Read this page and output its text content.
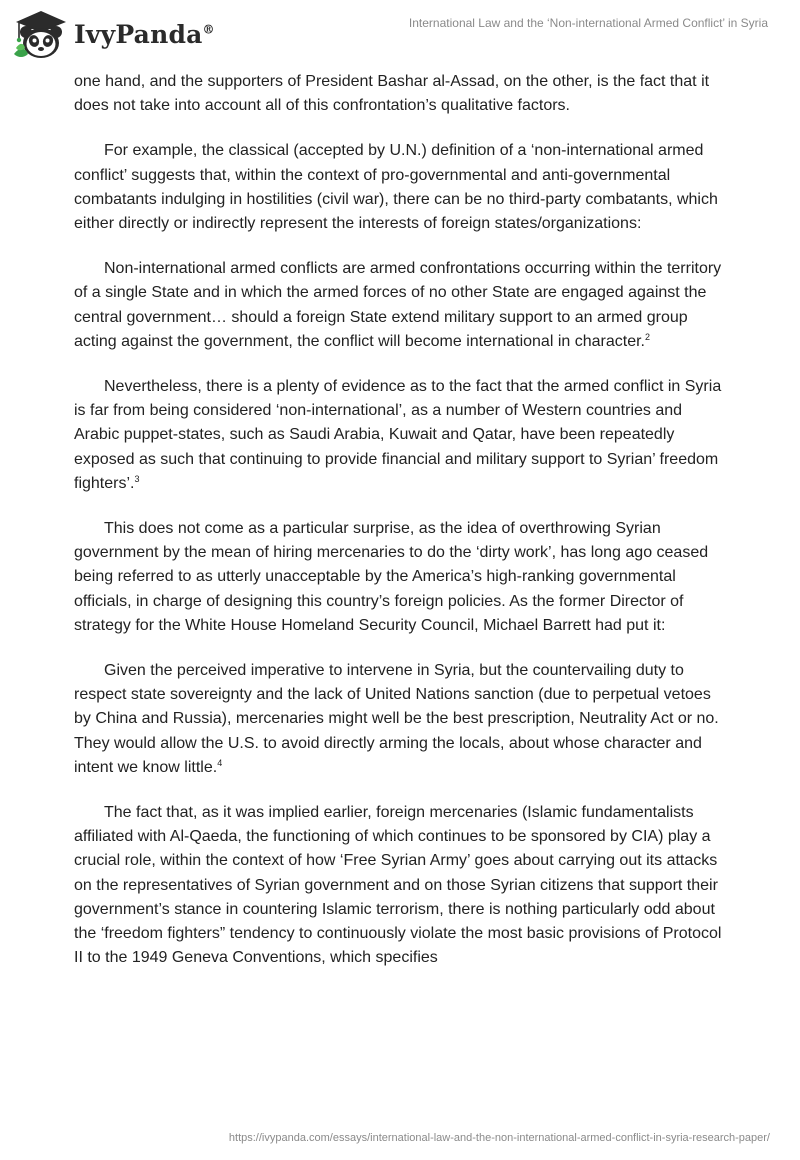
IvyPanda®	International Law and the ‘Non-international Armed Conflict’ in Syria

one hand, and the supporters of President Bashar al-Assad, on the other, is the fact that it does not take into account all of this confrontation’s qualitative factors.

For example, the classical (accepted by U.N.) definition of a ‘non-international armed conflict’ suggests that, within the context of pro-governmental and anti-governmental combatants indulging in hostilities (civil war), there can be no third-party combatants, which either directly or indirectly represent the interests of foreign states/organizations:

Non-international armed conflicts are armed confrontations occurring within the territory of a single State and in which the armed forces of no other State are engaged against the central government… should a foreign State extend military support to an armed group acting against the government, the conflict will become international in character.$^2$

Nevertheless, there is a plenty of evidence as to the fact that the armed conflict in Syria is far from being considered ‘non-international’, as a number of Western countries and Arabic puppet-states, such as Saudi Arabia, Kuwait and Qatar, have been repeatedly exposed as such that continuing to provide financial and military support to Syrian’ freedom fighters’.$^3$

This does not come as a particular surprise, as the idea of overthrowing Syrian government by the mean of hiring mercenaries to do the ‘dirty work’, has long ago ceased being referred to as utterly unacceptable by the America’s high-ranking governmental officials, in charge of designing this country’s foreign policies. As the former Director of strategy for the White House Homeland Security Council, Michael Barrett had put it:

Given the perceived imperative to intervene in Syria, but the countervailing duty to respect state sovereignty and the lack of United Nations sanction (due to perpetual vetoes by China and Russia), mercenaries might well be the best prescription, Neutrality Act or no. They would allow the U.S. to avoid directly arming the locals, about whose character and intent we know little.$^4$

The fact that, as it was implied earlier, foreign mercenaries (Islamic fundamentalists affiliated with Al-Qaeda, the functioning of which continues to be sponsored by CIA) play a crucial role, within the context of how ‘Free Syrian Army’ goes about carrying out its attacks on the representatives of Syrian government and on those Syrian citizens that support their government’s stance in countering Islamic terrorism, there is nothing particularly odd about the ‘freedom fighters” tendency to continuously violate the most basic provisions of Protocol II to the 1949 Geneva Conventions, which specifies

https://ivypanda.com/essays/international-law-and-the-non-international-armed-conflict-in-syria-research-paper/
